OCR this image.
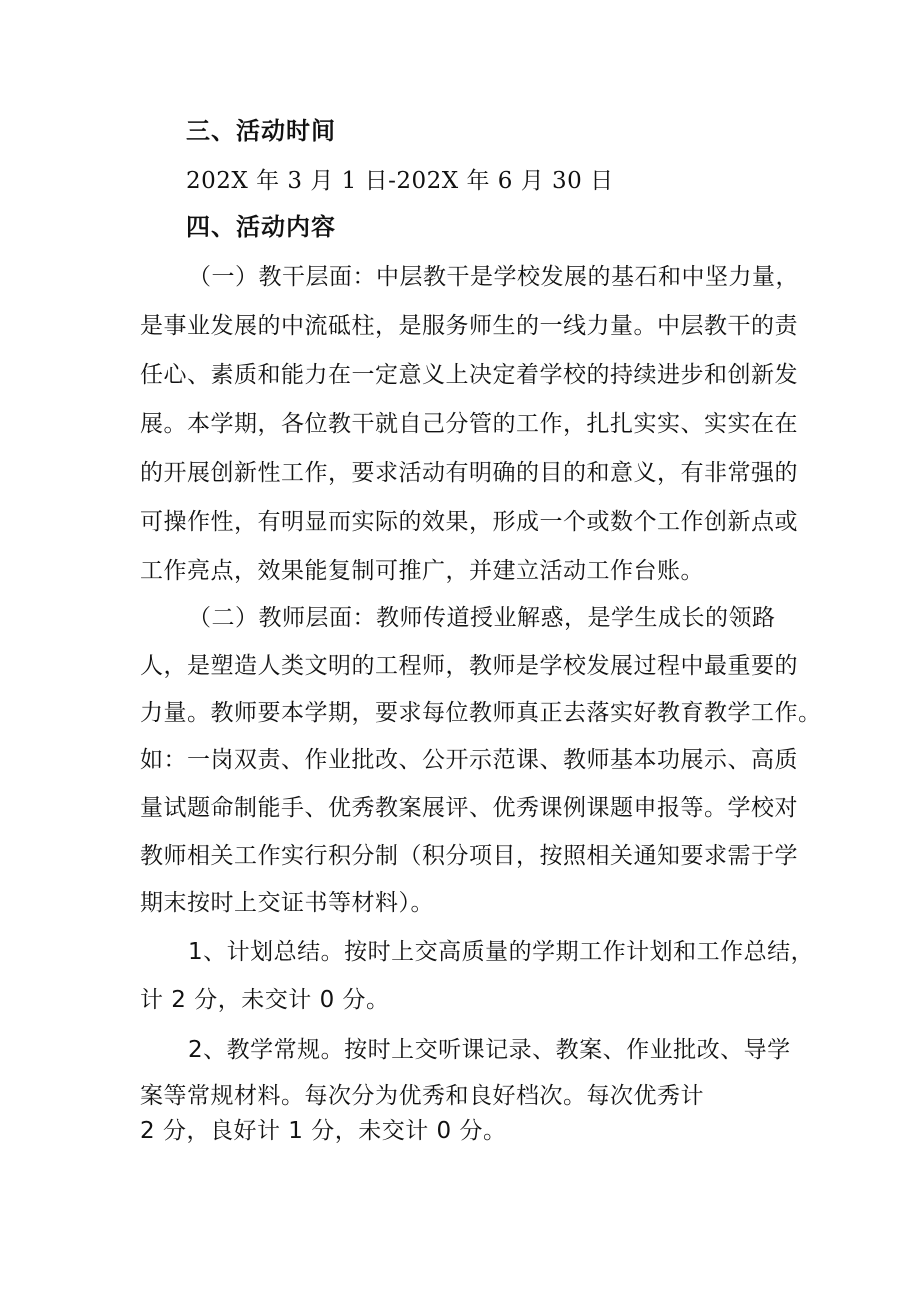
三、活动时间
202X 年 3 月 1 日-202X 年 6 月 30 日
四、活动内容
（一）教干层面：中层教干是学校发展的基石和中坚力量，
是事业发展的中流砥柱，是服务师生的一线力量。中层教干的责
任心、素质和能力在一定意义上决定着学校的持续进步和创新发
展。本学期，各位教干就自己分管的工作，扎扎实实、实实在在
的开展创新性工作，要求活动有明确的目的和意义，有非常强的
可操作性，有明显而实际的效果，形成一个或数个工作创新点或
工作亮点，效果能复制可推广，并建立活动工作台账。
（二）教师层面：教师传道授业解惑，是学生成长的领路
人，是塑造人类文明的工程师，教师是学校发展过程中最重要的
力量。教师要本学期，要求每位教师真正去落实好教育教学工作。
如：一岗双责、作业批改、公开示范课、教师基本功展示、高质
量试题命制能手、优秀教案展评、优秀课例课题申报等。学校对
教师相关工作实行积分制（积分项目，按照相关通知要求需于学
期末按时上交证书等材料）。
1、计划总结。按时上交高质量的学期工作计划和工作总结，
计 2 分，未交计 0 分。
2、教学常规。按时上交听课记录、教案、作业批改、导学
案等常规材料。每次分为优秀和良好档次。每次优秀计
2 分，良好计 1 分，未交计 0 分。
